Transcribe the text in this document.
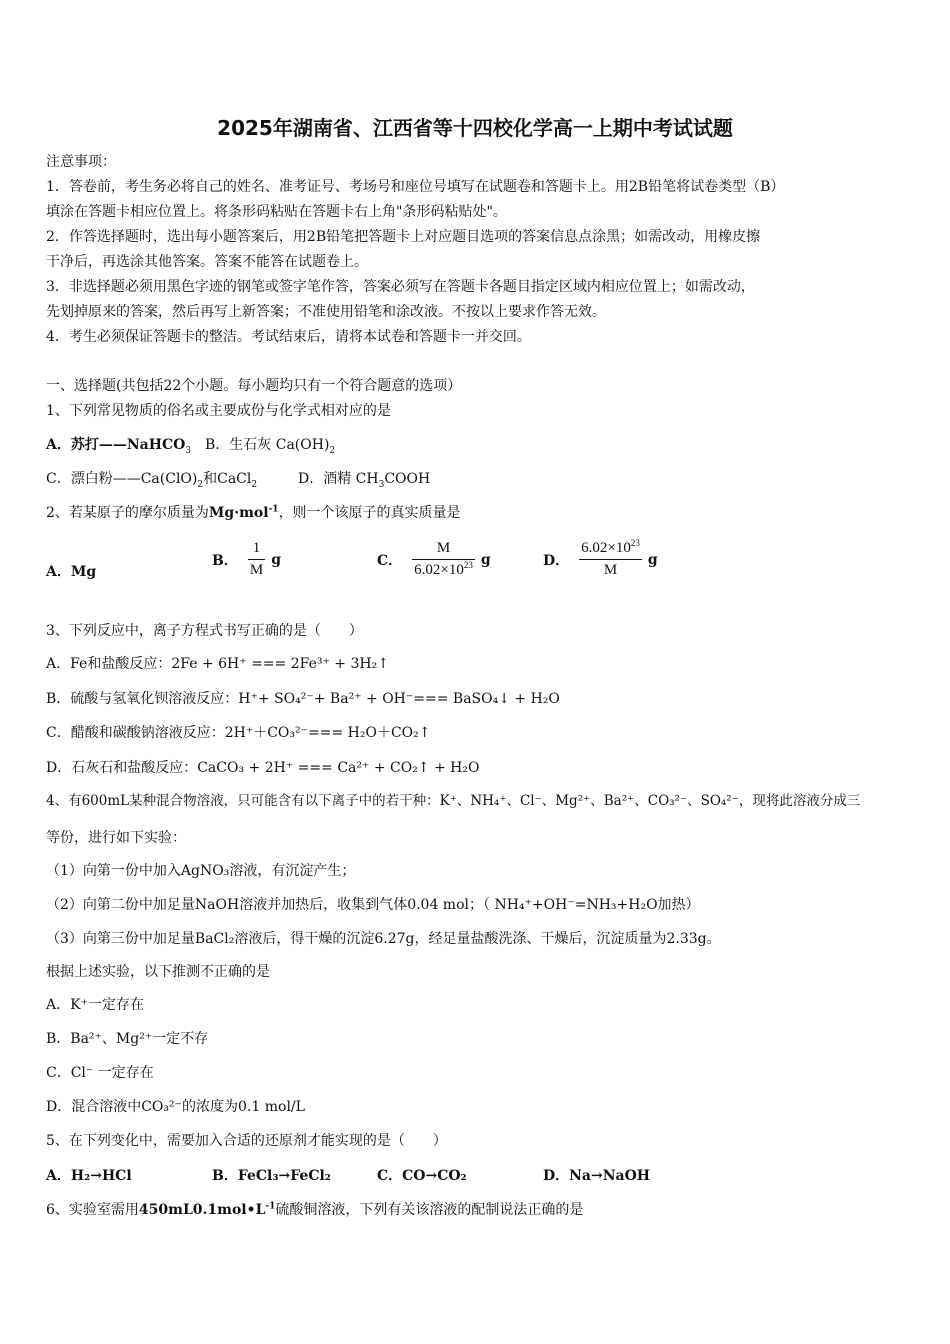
2025年湖南省、江西省等十四校化学高一上期中考试试题
注意事项：
1．答卷前，考生务必将自己的姓名、准考证号、考场号和座位号填写在试题卷和答题卡上。用2B铅笔将试卷类型（B）
填涂在答题卡相应位置上。将条形码粘贴在答题卡右上角"条形码粘贴处"。
2．作答选择题时，选出每小题答案后，用2B铅笔把答题卡上对应题目选项的答案信息点涂黑；如需改动，用橡皮擦
干净后，再选涂其他答案。答案不能答在试题卷上。
3．非选择题必须用黑色字迹的钢笔或签字笔作答，答案必须写在答题卡各题目指定区域内相应位置上；如需改动，
先划掉原来的答案，然后再写上新答案；不准使用铅笔和涂改液。不按以上要求作答无效。
4．考生必须保证答题卡的整洁。考试结束后，请将本试卷和答题卡一并交回。
一、选择题(共包括22个小题。每小题均只有一个符合题意的选项）
1、下列常见物质的俗名或主要成份与化学式相对应的是
A．苏打——NaHCO$_3$ B．生石灰 $Ca(OH)_2$
C．漂白粉$——Ca(ClO)_2$和CaCl$_2$	D．酒精 $CH_3COOH$
2、若某原子的摩尔质量为Mg·mol$^{-1}$，则一个该原子的真实质量是
A．Mg
B． $\frac{1}{M}$ g	C． $\frac{M}{6.02\times 10^{23}}$ g	D． $\frac{6.02\times 10^{23}}{M}$ g
3、下列反应中，离子方程式书写正确的是（　　）
A．Fe和盐酸反应：2Fe + 6H⁺ === 2Fe³⁺ + 3H₂↑
B．硫酸与氢氧化钡溶液反应：H⁺+ SO₄²⁻+ Ba²⁺ + OH⁻=== BaSO₄↓ + H₂O
C．醋酸和碳酸钠溶液反应：2H⁺＋CO₃²⁻=== H₂O＋CO₂↑
D．石灰石和盐酸反应：CaCO₃ + 2H⁺ === Ca²⁺ + CO₂↑ + H₂O
4、有600mL某种混合物溶液，只可能含有以下离子中的若干种：K⁺、NH₄⁺、Cl⁻、Mg²⁺、Ba²⁺、CO₃²⁻、SO₄²⁻，现将此溶液分成三
等份，进行如下实验：
（1）向第一份中加入AgNO₃溶液，有沉淀产生；
（2）向第二份中加足量NaOH溶液并加热后，收集到气体0.04 mol；（ NH₄⁺+OH⁻=NH₃+H₂O加热）
（3）向第三份中加足量BaCl₂溶液后，得干燥的沉淀6.27g，经足量盐酸洗涤、干燥后，沉淀质量为2.33g。
根据上述实验，以下推测不正确的是
A．K⁺一定存在
B．Ba²⁺、Mg²⁺一定不存
C．Cl⁻ 一定存在
D．混合溶液中CO₃²⁻的浓度为0.1 mol/L
5、在下列变化中，需要加入合适的还原剂才能实现的是（　　）
A．H₂→HCl	B．FeCl₃→FeCl₂	C．CO→CO₂	D．Na→NaOH
6、实验室需用$450mL0.1mol•L^{-1}$硫酸铜溶液，下列有关该溶液的配制说法正确的是
